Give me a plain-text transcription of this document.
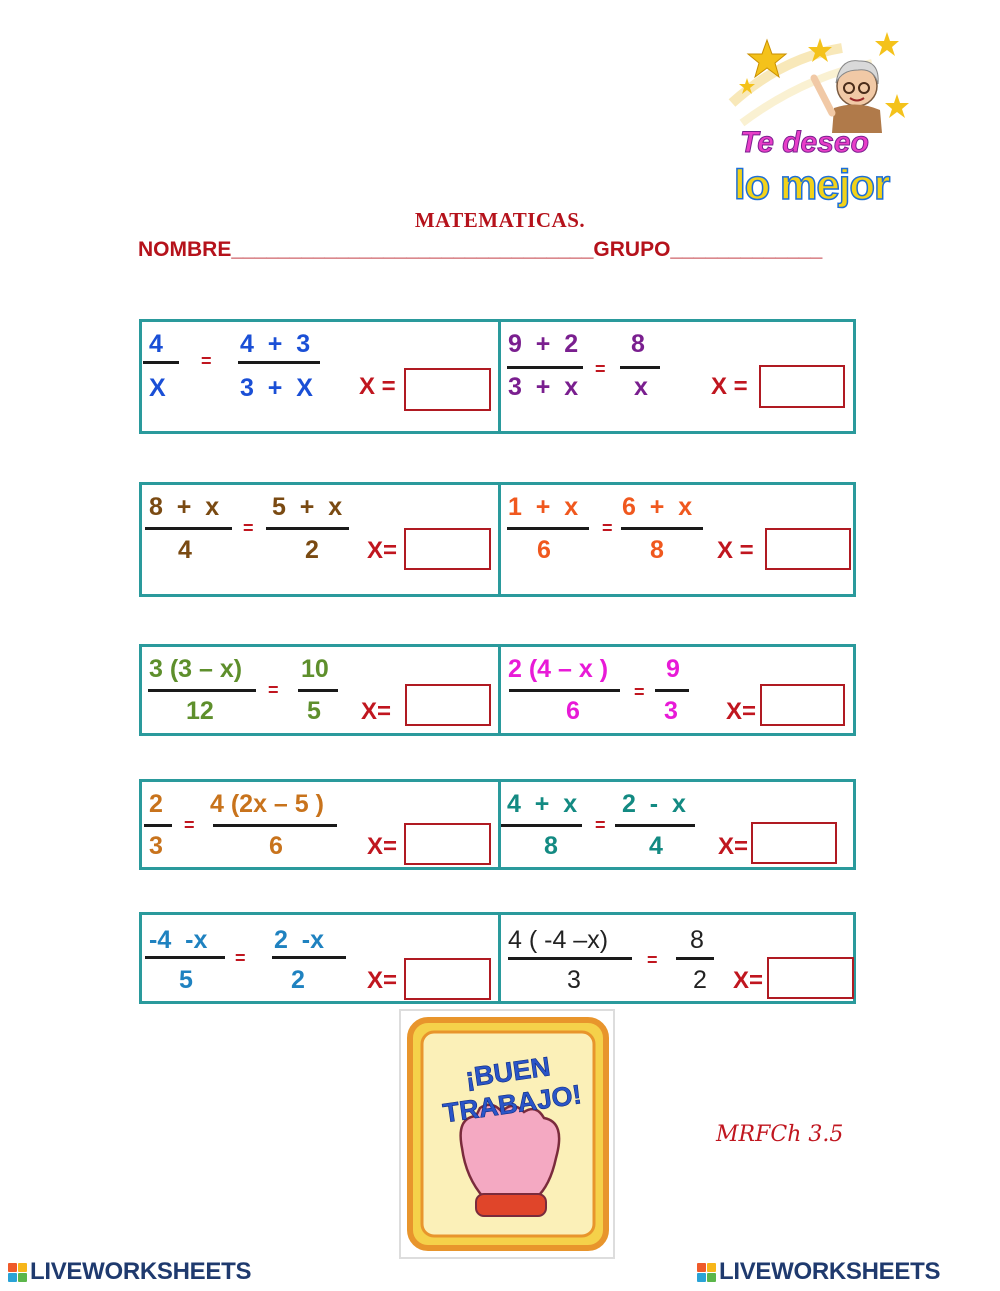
Te deseo
lo mejor
MATEMATICAS.
NOMBRE_______________________________GRUPO_____________
4
X
=
4  +  3
3  +  X X =
9  +  2
3  +  x
=
8
x	X =
8  +  x
4
=
5  +  x
2 X=
1  +  x
6
=
6  +  x
8 X =
3 (3 – x)
12
=
10
5 X=
2 (4 – x )
6
=
9
3 X=
2
3
=
4 (2x – 5 )
6	X=
4  +  x
8
=
2  -  x
4 X=
-4  -x
5
=
2  -x
2	X=
4 ( -4 –x)
3
=
8
2 X=
¡BUEN TRABAJO!
MRFCh 3.5
LIVEWORKSHEETS	LIVEWORKSHEETS
